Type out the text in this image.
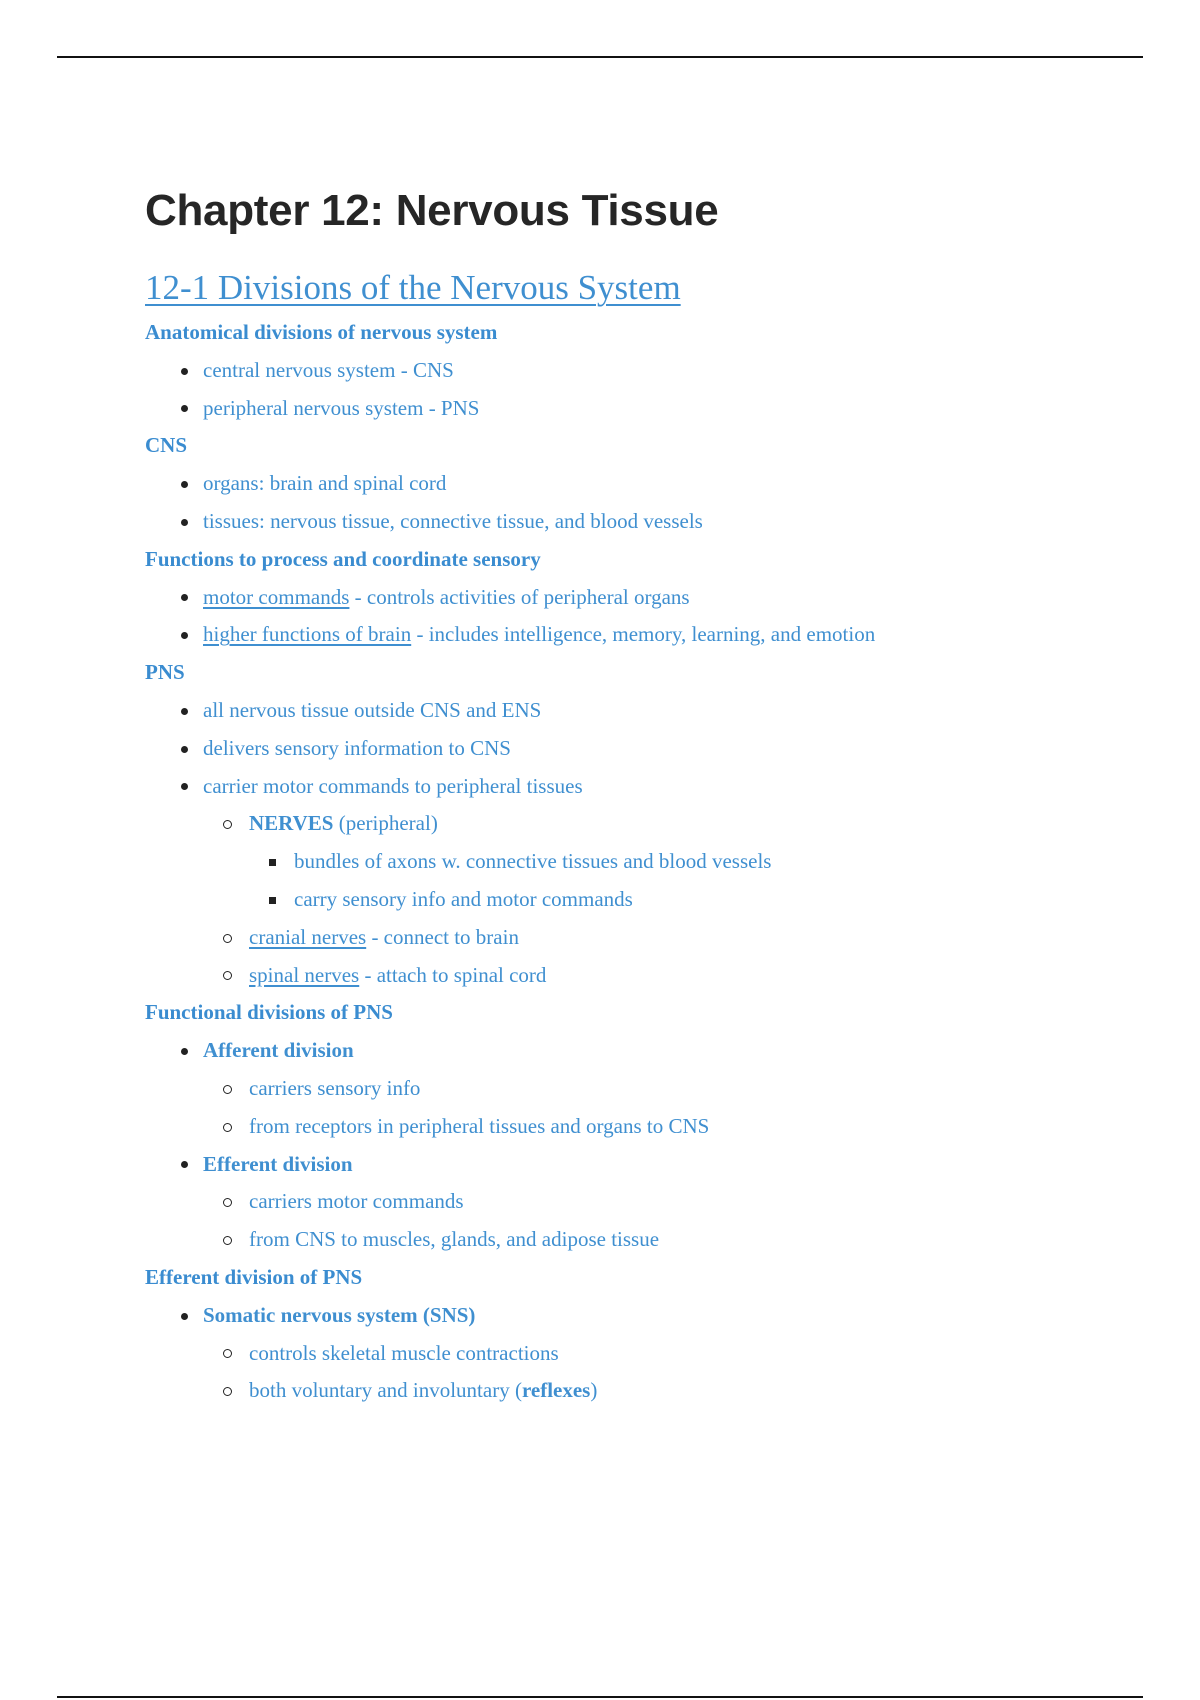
Chapter 12: Nervous Tissue
12-1 Divisions of the Nervous System
Anatomical divisions of nervous system
central nervous system - CNS
peripheral nervous system - PNS
CNS
organs: brain and spinal cord
tissues: nervous tissue, connective tissue, and blood vessels
Functions to process and coordinate sensory
motor commands - controls activities of peripheral organs
higher functions of brain - includes intelligence, memory, learning, and emotion
PNS
all nervous tissue outside CNS and ENS
delivers sensory information to CNS
carrier motor commands to peripheral tissues
NERVES (peripheral)
bundles of axons w. connective tissues and blood vessels
carry sensory info and motor commands
cranial nerves - connect to brain
spinal nerves - attach to spinal cord
Functional divisions of PNS
Afferent division
carriers sensory info
from receptors in peripheral tissues and organs to CNS
Efferent division
carriers motor commands
from CNS to muscles, glands, and adipose tissue
Efferent division of PNS
Somatic nervous system (SNS)
controls skeletal muscle contractions
both voluntary and involuntary (reflexes)
